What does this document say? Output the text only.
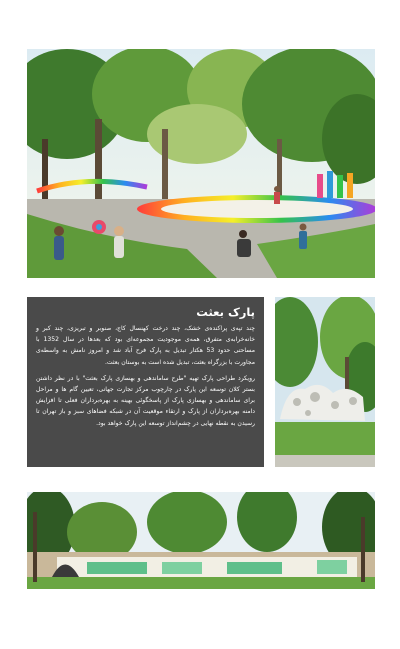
پارک بعثت

چند تپه‌ی پراکنده‌ی خشک، چند درخت کهنسال کاج، صنوبر و تبریزی، چند کبر و خانه‌خرابه‌ی متفرق، همه‌ی موجودیت مجموعه‌ای بود که بعدها در سال 1352 با مساحتی حدود 53 هکتار تبدیل به پارک فرح آباد شد و امروز نامش به واسطه‌ی مجاورت با بزرگراه بعثت، تبدیل شده است به بوستان بعثت.

رویکرد طراحی پارک تهیه "طرح ساماندهی و بهسازی پارک بعثت" با در نظر داشتن بستر کلان توسعه این پارک در چارچوب مرکز تجارت جهانی، تعیین گام ها و مراحل برای ساماندهی و بهسازی پارک از پاسخگوئی بهینه به بهره‌برداران فعلی تا افزایش دامنه بهره‌برداران از پارک و ارتقاء موقعیت آن در شبکه فضاهای سبز و باز تهران تا رسیدن به نقطه نهایی در چشم‌انداز توسعه این پارک خواهد بود.
